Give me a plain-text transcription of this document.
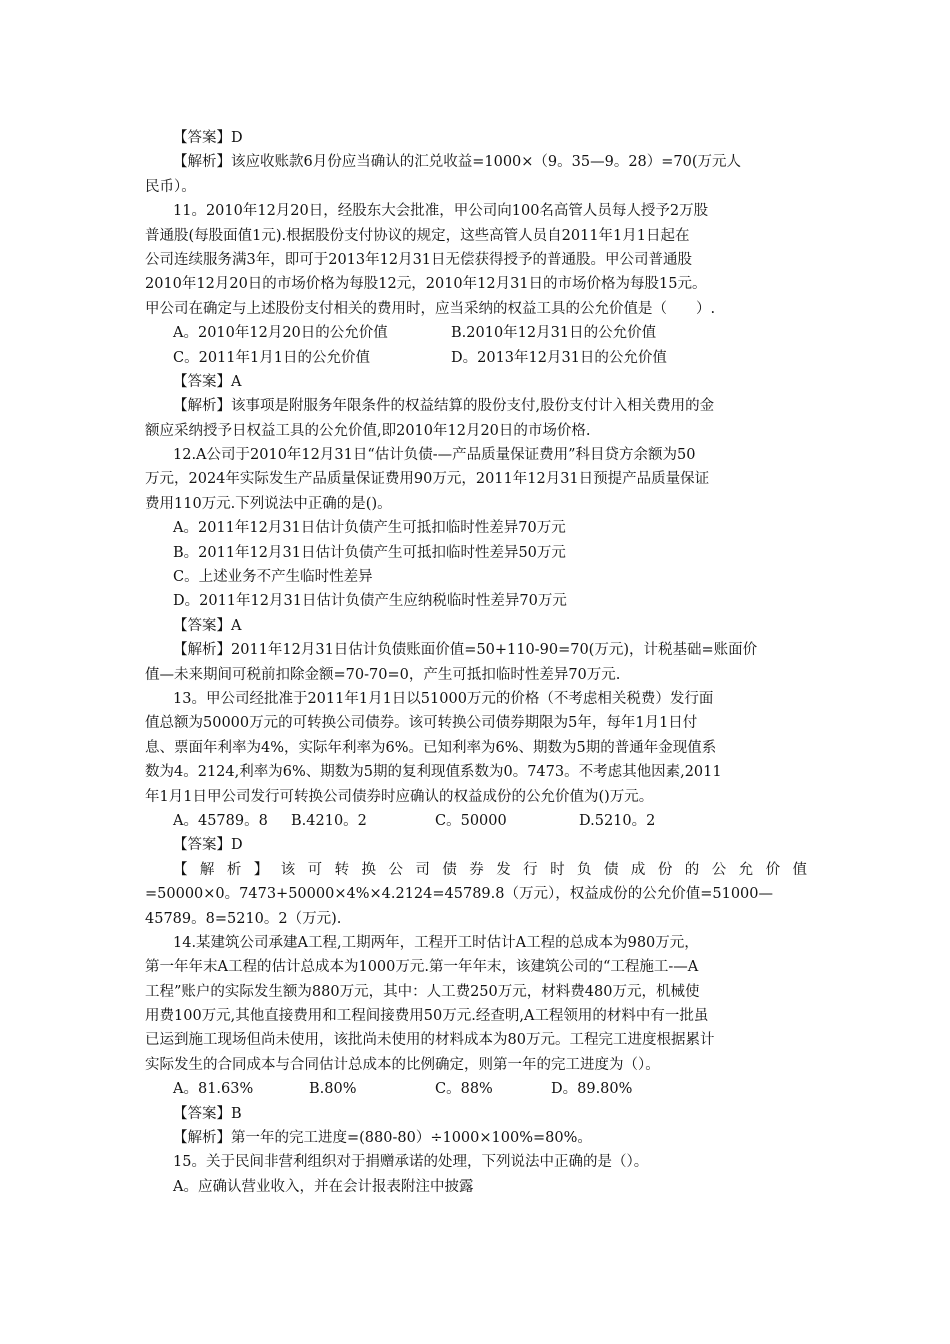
【答案】D
【解析】该应收账款6月份应当确认的汇兑收益=1000×（9。35—9。28）=70(万元人
民币）。
11。2010年12月20日，经股东大会批准，甲公司向100名高管人员每人授予2万股
普通股(每股面值1元).根据股份支付协议的规定，这些高管人员自2011年1月1日起在
公司连续服务满3年，即可于2013年12月31日无偿获得授予的普通股。甲公司普通股
2010年12月20日的市场价格为每股12元，2010年12月31日的市场价格为每股15元。
甲公司在确定与上述股份支付相关的费用时，应当采纳的权益工具的公允价值是（　　）.
A。2010年12月20日的公允价值	B.2010年12月31日的公允价值
C。2011年1月1日的公允价值	D。2013年12月31日的公允价值
【答案】A
【解析】该事项是附服务年限条件的权益结算的股份支付,股份支付计入相关费用的金
额应采纳授予日权益工具的公允价值,即2010年12月20日的市场价格.
12.A公司于2010年12月31日“估计负债-—产品质量保证费用”科目贷方余额为50
万元，2024年实际发生产品质量保证费用90万元，2011年12月31日预提产品质量保证
费用110万元.下列说法中正确的是()。
A。2011年12月31日估计负债产生可抵扣临时性差异70万元
B。2011年12月31日估计负债产生可抵扣临时性差异50万元
C。上述业务不产生临时性差异
D。2011年12月31日估计负债产生应纳税临时性差异70万元
【答案】A
【解析】2011年12月31日估计负债账面价值=50+110-90=70(万元)，计税基础=账面价
值—未来期间可税前扣除金额=70-70=0，产生可抵扣临时性差异70万元.
13。甲公司经批准于2011年1月1日以51000万元的价格（不考虑相关税费）发行面
值总额为50000万元的可转换公司债券。该可转换公司债券期限为5年，每年1月1日付
息、票面年利率为4%，实际年利率为6%。已知利率为6%、期数为5期的普通年金现值系
数为4。2124,利率为6%、期数为5期的复利现值系数为0。7473。不考虑其他因素,2011
年1月1日甲公司发行可转换公司债券时应确认的权益成份的公允价值为()万元。
A。45789。8	B.4210。2	C。50000	D.5210。2
【答案】D
【解析】该可转换公司债券发行时负债成份的公允价值
=50000×0。7473+50000×4%×4.2124=45789.8（万元），权益成份的公允价值=51000—
45789。8=5210。2（万元).
14.某建筑公司承建A工程,工期两年，工程开工时估计A工程的总成本为980万元，
第一年年末A工程的估计总成本为1000万元.第一年年末，该建筑公司的“工程施工-—A
工程”账户的实际发生额为880万元，其中：人工费250万元，材料费480万元，机械使
用费100万元,其他直接费用和工程间接费用50万元.经查明,A工程领用的材料中有一批虽
已运到施工现场但尚未使用，该批尚未使用的材料成本为80万元。工程完工进度根据累计
实际发生的合同成本与合同估计总成本的比例确定，则第一年的完工进度为（）。
A。81.63%	B.80%	C。88%	D。89.80%
【答案】B
【解析】第一年的完工进度=(880-80）÷1000×100%=80%。
15。关于民间非营利组织对于捐赠承诺的处理，下列说法中正确的是（）。
A。应确认营业收入，并在会计报表附注中披露
